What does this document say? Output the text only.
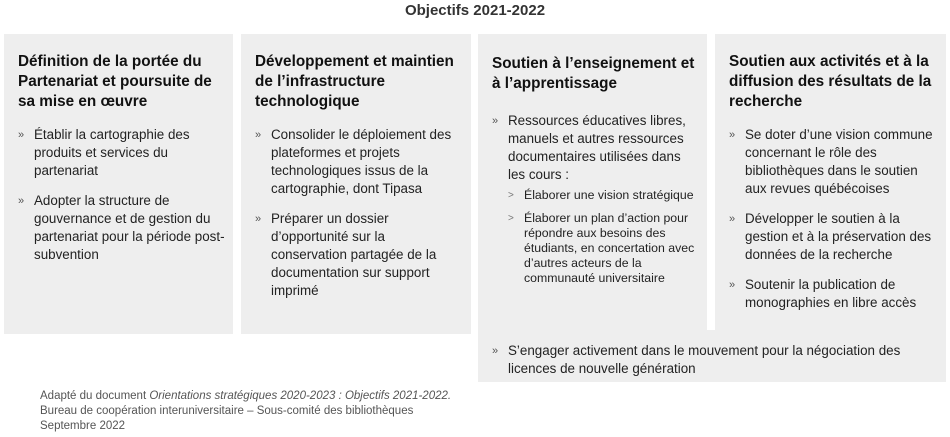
Objectifs 2021-2022
Définition de la portée du Partenariat et poursuite de sa mise en œuvre
» Établir la cartographie des produits et services du partenariat
» Adopter la structure de gouvernance et de gestion du partenariat pour la période post-subvention
Développement et maintien de l’infrastructure technologique
» Consolider le déploiement des plateformes et projets technologiques issus de la cartographie, dont Tipasa
» Préparer un dossier d’opportunité sur la conservation partagée de la documentation sur support imprimé
Soutien à l’enseignement et à l’apprentissage
» Ressources éducatives libres, manuels et autres ressources documentaires utilisées dans les cours :
> Élaborer une vision stratégique
> Élaborer un plan d’action pour répondre aux besoins des étudiants, en concertation avec d’autres acteurs de la communauté universitaire
Soutien aux activités et à la diffusion des résultats de la recherche
» Se doter d’une vision commune concernant le rôle des bibliothèques dans le soutien aux revues québécoises
» Développer le soutien à la gestion et à la préservation des données de la recherche
» Soutenir la publication de monographies en libre accès
» S’engager activement dans le mouvement pour la négociation des licences de nouvelle génération
Adapté du document Orientations stratégiques 2020-2023 : Objectifs 2021-2022.
Bureau de coopération interuniversitaire – Sous-comité des bibliothèques
Septembre 2022
